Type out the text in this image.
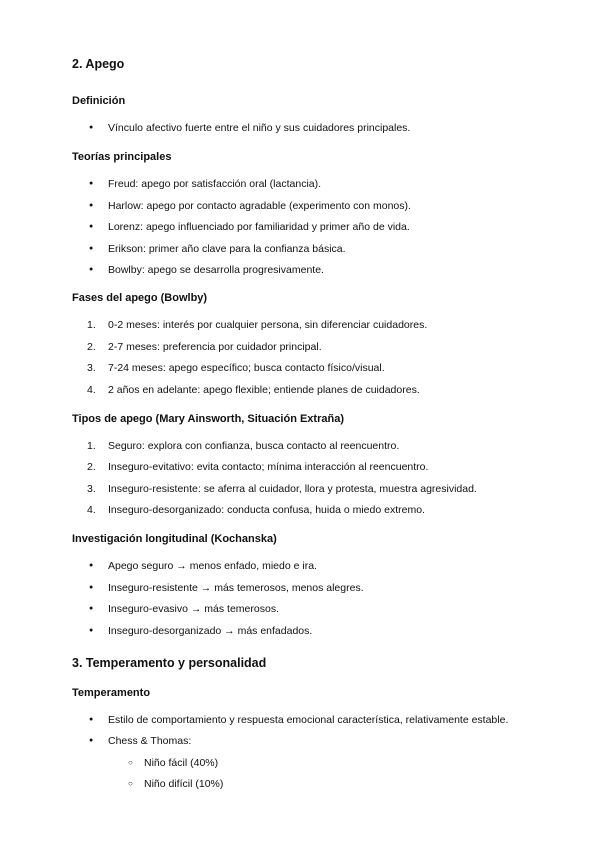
2. Apego
Definición
● Vínculo afectivo fuerte entre el niño y sus cuidadores principales.
Teorías principales
● Freud: apego por satisfacción oral (lactancia).
● Harlow: apego por contacto agradable (experimento con monos).
● Lorenz: apego influenciado por familiaridad y primer año de vida.
● Erikson: primer año clave para la confianza básica.
● Bowlby: apego se desarrolla progresivamente.
Fases del apego (Bowlby)
1. 0-2 meses: interés por cualquier persona, sin diferenciar cuidadores.
2. 2-7 meses: preferencia por cuidador principal.
3. 7-24 meses: apego específico; busca contacto físico/visual.
4. 2 años en adelante: apego flexible; entiende planes de cuidadores.
Tipos de apego (Mary Ainsworth, Situación Extraña)
1. Seguro: explora con confianza, busca contacto al reencuentro.
2. Inseguro-evitativo: evita contacto; mínima interacción al reencuentro.
3. Inseguro-resistente: se aferra al cuidador, llora y protesta, muestra agresividad.
4. Inseguro-desorganizado: conducta confusa, huida o miedo extremo.
Investigación longitudinal (Kochanska)
● Apego seguro → menos enfado, miedo e ira.
● Inseguro-resistente → más temerosos, menos alegres.
● Inseguro-evasivo → más temerosos.
● Inseguro-desorganizado → más enfadados.
3. Temperamento y personalidad
Temperamento
● Estilo de comportamiento y respuesta emocional característica, relativamente estable.
● Chess & Thomas:
○ Niño fácil (40%)
○ Niño difícil (10%)
